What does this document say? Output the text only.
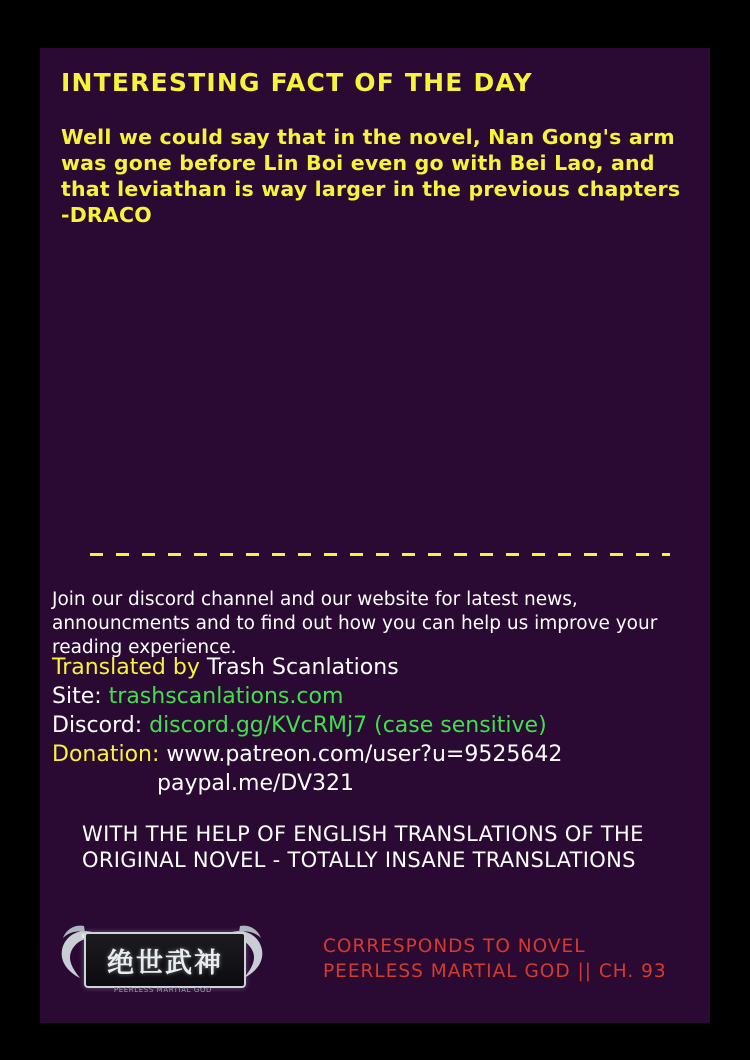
INTERESTING FACT OF THE DAY
Well we could say that in the novel, Nan Gong's arm was gone before Lin Boi even go with Bei Lao, and that leviathan is way larger in the previous chapters -DRACO
Join our discord channel and our website for latest news, announcments and to find out how you can help us improve your reading experience.
Translated by Trash Scanlations
Site: trashscanlations.com
Discord: discord.gg/KVcRMj7 (case sensitive)
Donation: www.patreon.com/user?u=9525642
paypal.me/DV321
WITH THE HELP OF ENGLISH TRANSLATIONS OF THE ORIGINAL NOVEL - TOTALLY INSANE TRANSLATIONS
绝世武神
PEERLESS MARTIAL GOD
CORRESPONDS TO NOVEL
PEERLESS MARTIAL GOD || CH. 93
